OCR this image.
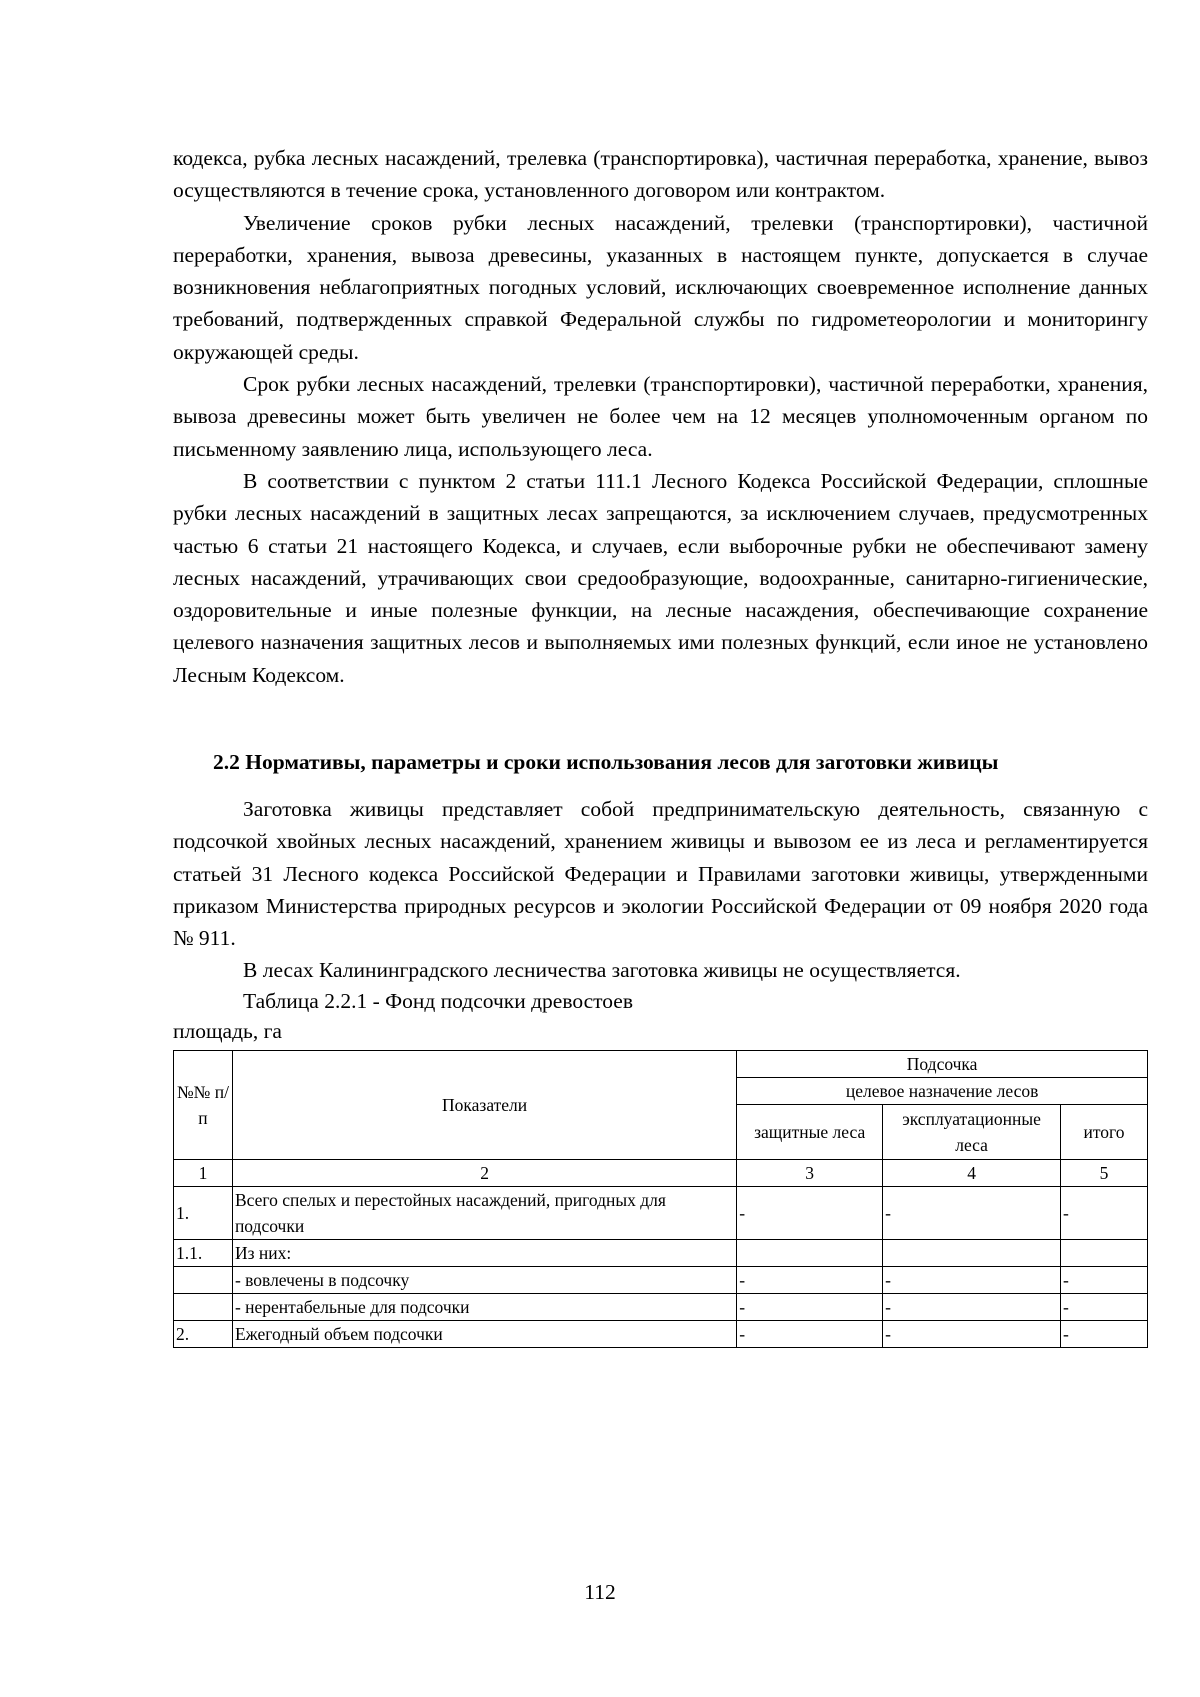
кодекса, рубка лесных насаждений, трелевка (транспортировка), частичная переработка, хранение, вывоз осуществляются в течение срока, установленного договором или контрактом.

Увеличение сроков рубки лесных насаждений, трелевки (транспортировки), частичной переработки, хранения, вывоза древесины, указанных в настоящем пункте, допускается в случае возникновения неблагоприятных погодных условий, исключающих своевременное исполнение данных требований, подтвержденных справкой Федеральной службы по гидрометеорологии и мониторингу окружающей среды.

Срок рубки лесных насаждений, трелевки (транспортировки), частичной переработки, хранения, вывоза древесины может быть увеличен не более чем на 12 месяцев уполномоченным органом по письменному заявлению лица, использующего леса.

В соответствии с пунктом 2 статьи 111.1 Лесного Кодекса Российской Федерации, сплошные рубки лесных насаждений в защитных лесах запрещаются, за исключением случаев, предусмотренных частью 6 статьи 21 настоящего Кодекса, и случаев, если выборочные рубки не обеспечивают замену лесных насаждений, утрачивающих свои средообразующие, водоохранные, санитарно-гигиенические, оздоровительные и иные полезные функции, на лесные насаждения, обеспечивающие сохранение целевого назначения защитных лесов и выполняемых ими полезных функций, если иное не установлено Лесным Кодексом.

2.2 Нормативы, параметры и сроки использования лесов для заготовки живицы

Заготовка живицы представляет собой предпринимательскую деятельность, связанную с подсочкой хвойных лесных насаждений, хранением живицы и вывозом ее из леса и регламентируется статьей 31 Лесного кодекса Российской Федерации и Правилами заготовки живицы, утвержденными приказом Министерства природных ресурсов и экологии Российской Федерации от 09 ноября 2020 года № 911.

В лесах Калининградского лесничества заготовка живицы не осуществляется.

Таблица 2.2.1 - Фонд подсочки древостоев
площадь, га
№№ п/п	Показатели	Подсочка		
		целевое назначение лесов		
		защитные леса	эксплуатационные леса	итого
1	2	3	4	5
1.	Всего спелых и перестойных насаждений, пригодных для подсочки	-	-	-
1.1.	Из них:			
	- вовлечены в подсочку	-	-	-
	- нерентабельные для подсочки	-	-	-
2.	Ежегодный объем подсочки	-	-	-
112
